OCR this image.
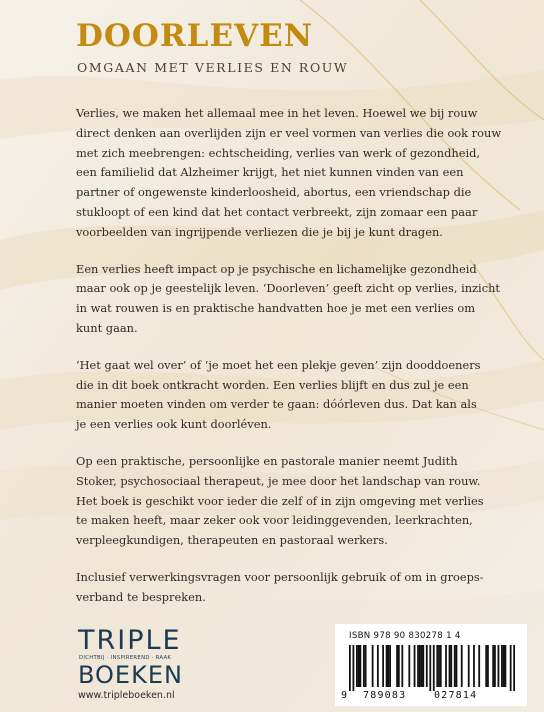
DOORLEVEN
OMGAAN MET VERLIES EN ROUW

Verlies, we maken het allemaal mee in het leven. Hoewel we bij rouw
direct denken aan overlijden zijn er veel vormen van verlies die ook rouw
met zich meebrengen: echtscheiding, verlies van werk of gezondheid,
een familielid dat Alzheimer krijgt, het niet kunnen vinden van een
partner of ongewenste kinderloosheid, abortus, een vriendschap die
stukloopt of een kind dat het contact verbreekt, zijn zomaar een paar
voorbeelden van ingrijpende verliezen die je bij je kunt dragen.

Een verlies heeft impact op je psychische en lichamelijke gezondheid
maar ook op je geestelijk leven. ‘Doorleven’ geeft zicht op verlies, inzicht
in wat rouwen is en praktische handvatten hoe je met een verlies om
kunt gaan.

‘Het gaat wel over’ of ‘je moet het een plekje geven’ zijn dooddoeners
die in dit boek ontkracht worden. Een verlies blijft en dus zul je een
manier moeten vinden om verder te gaan: dóórleven dus. Dat kan als
je een verlies ook kunt doorléven.

Op een praktische, persoonlijke en pastorale manier neemt Judith
Stoker, psychosociaal therapeut, je mee door het landschap van rouw.
Het boek is geschikt voor ieder die zelf of in zijn omgeving met verlies
te maken heeft, maar zeker ook voor leidinggevenden, leerkrachten,
verpleegkundigen, therapeuten en pastoraal werkers.

Inclusief verwerkingsvragen voor persoonlijk gebruik of om in groeps-
verband te bespreken.

TRIPLE
DICHTBIJ · INSPIREREND · RAAK
BOEKEN
www.tripleboeken.nl
ISBN 978 90 830278 1 4
9 789083	027814
